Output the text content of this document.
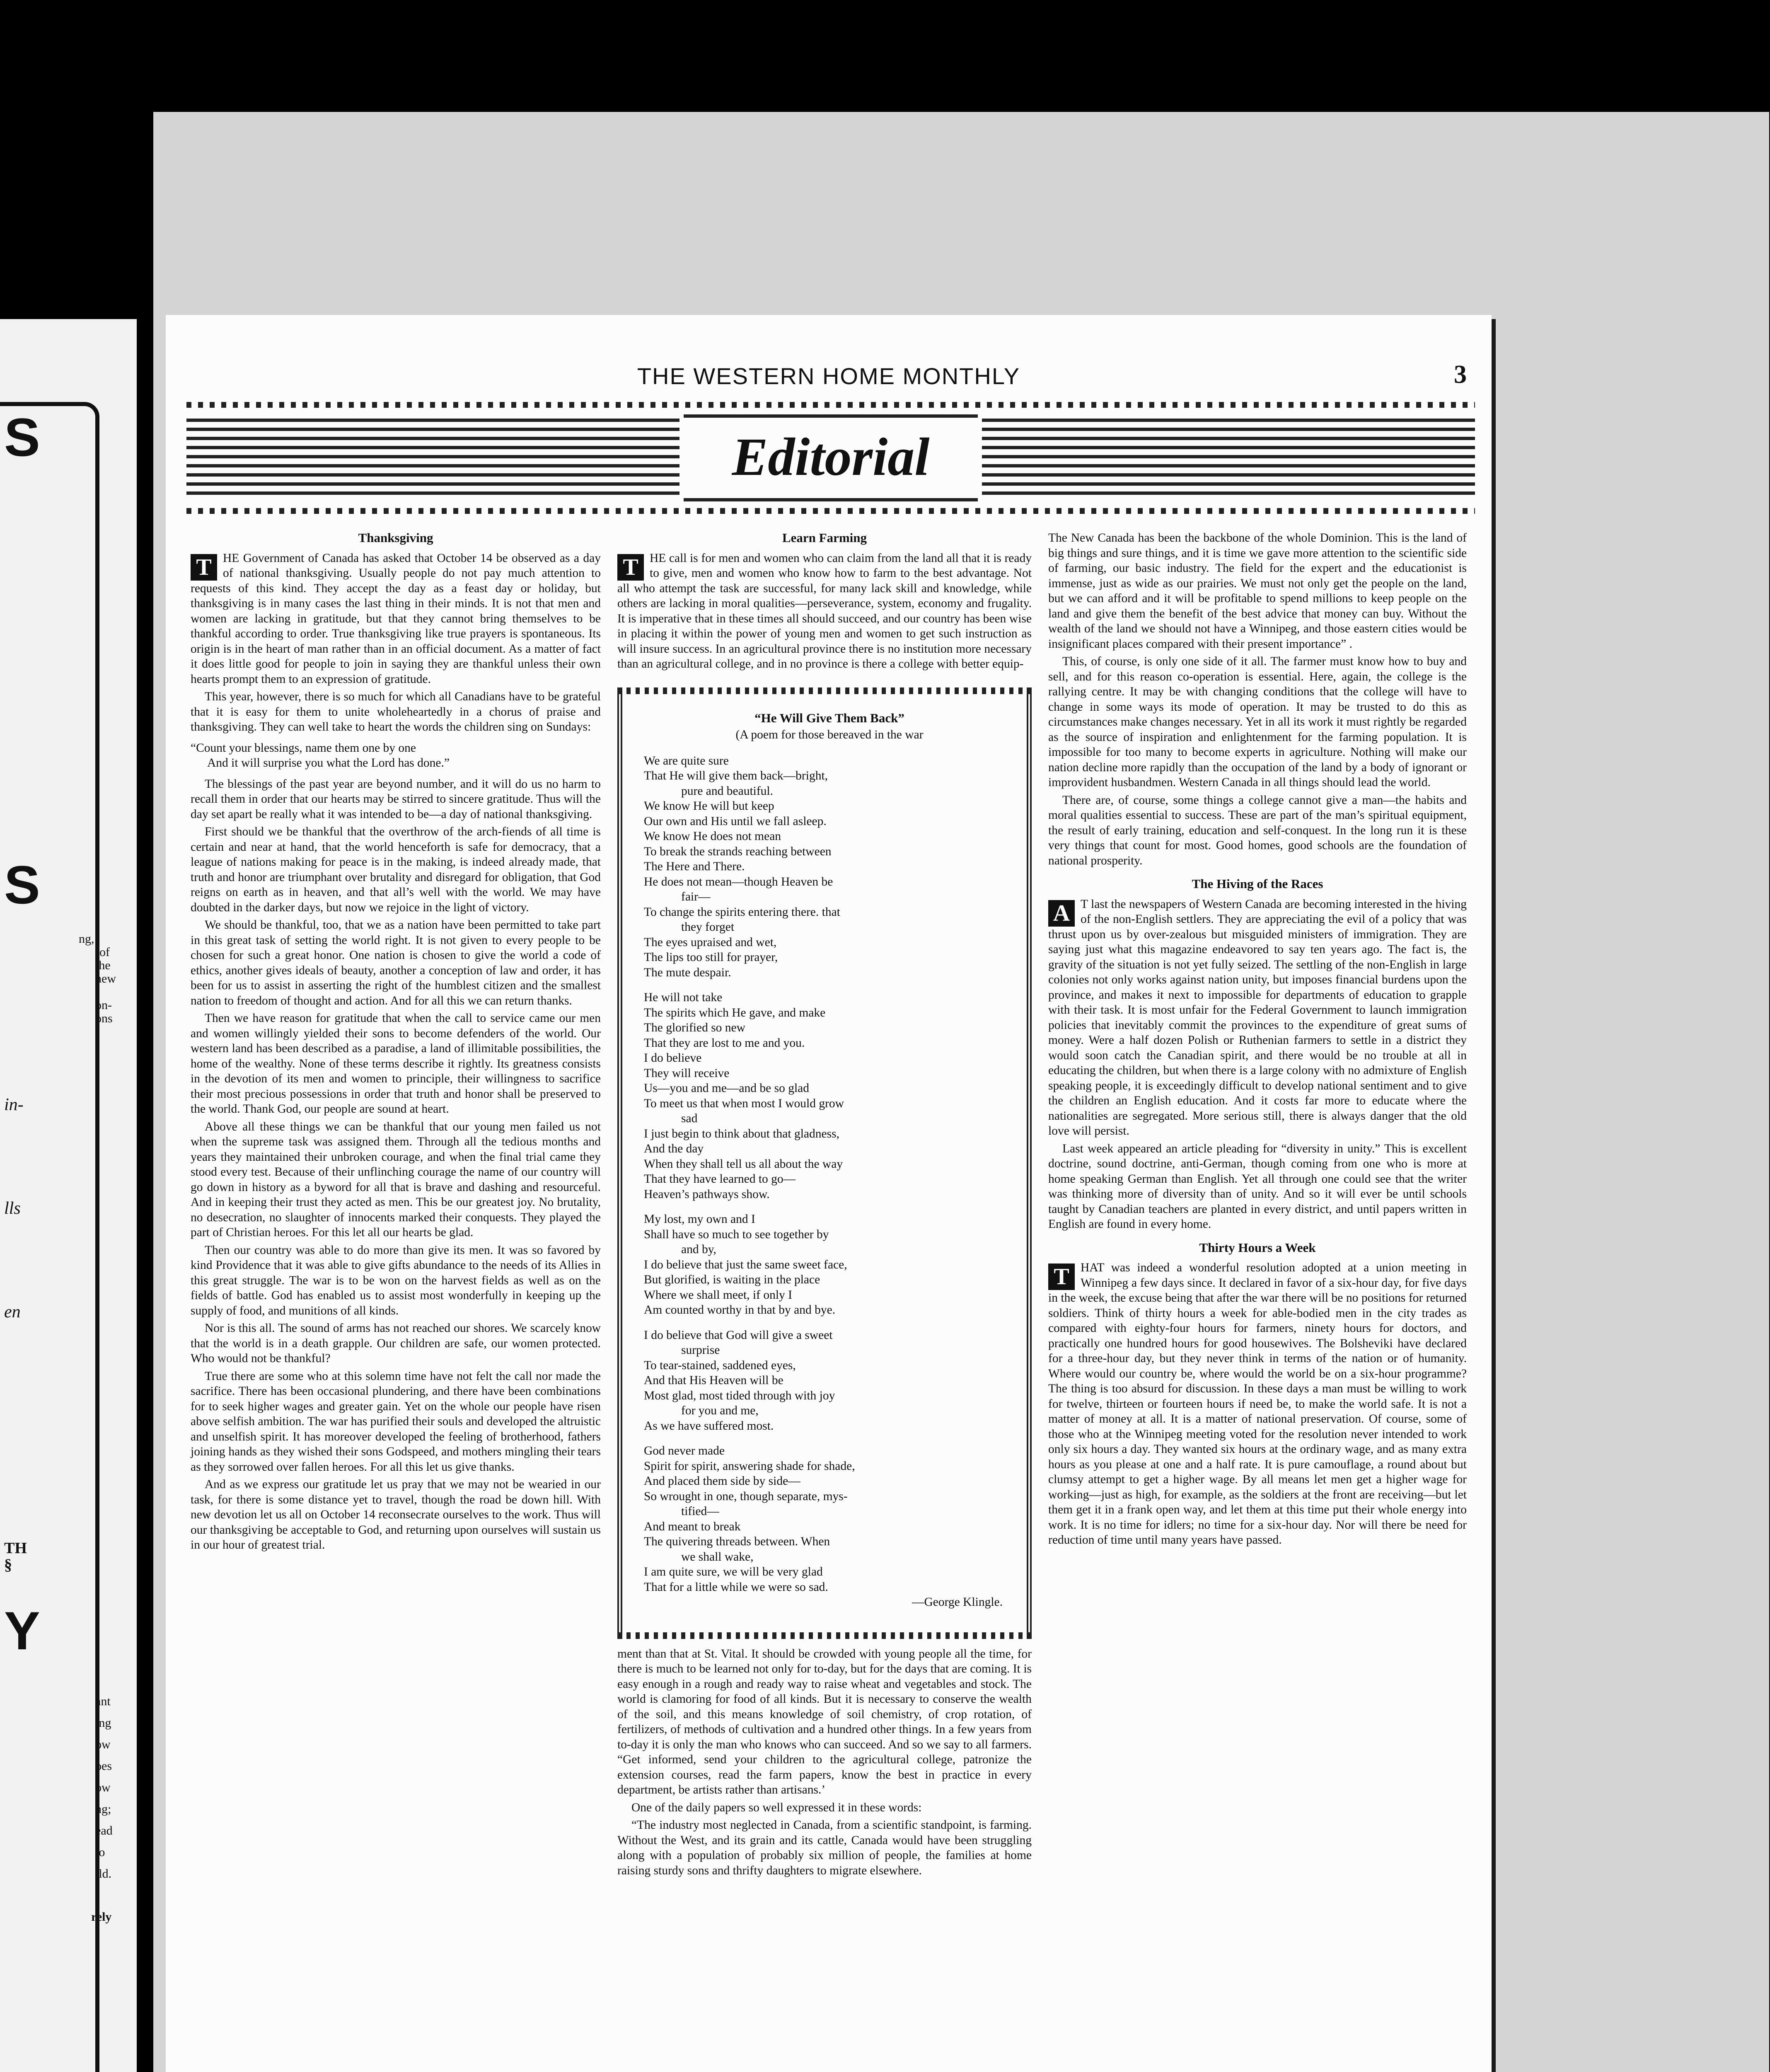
S
S
ng,
of
the
new
on-
ons
in-
lls
en
TH
§
Y
ant
ing
ow
oes
ow
ng;
ead
to
ild.
rely
THE WESTERN HOME MONTHLY	3
Editorial
Thanksgiving

T HE Government of Canada has asked that October 14 be observed as a day of national thanksgiving. Usually people do not pay much attention to requests of this kind. They accept the day as a feast day or holiday, but thanksgiving is in many cases the last thing in their minds. It is not that men and women are lacking in gratitude, but that they cannot bring themselves to be thankful according to order. True thanksgiving like true prayers is spontaneous. Its origin is in the heart of man rather than in an official document. As a matter of fact it does little good for people to join in saying they are thankful unless their own hearts prompt them to an expression of gratitude.

This year, however, there is so much for which all Canadians have to be grateful that it is easy for them to unite wholeheartedly in a chorus of praise and thanksgiving. They can well take to heart the words the children sing on Sundays:

“Count your blessings, name them one by one
And it will surprise you what the Lord has done.”

The blessings of the past year are beyond number, and it will do us no harm to recall them in order that our hearts may be stirred to sincere gratitude. Thus will the day set apart be really what it was intended to be—a day of national thanksgiving.

First should we be thankful that the overthrow of the arch-fiends of all time is certain and near at hand, that the world henceforth is safe for democracy, that a league of nations making for peace is in the making, is indeed already made, that truth and honor are triumphant over brutality and disregard for obligation, that God reigns on earth as in heaven, and that all’s well with the world. We may have doubted in the darker days, but now we rejoice in the light of victory.

We should be thankful, too, that we as a nation have been permitted to take part in this great task of setting the world right. It is not given to every people to be chosen for such a great honor. One nation is chosen to give the world a code of ethics, another gives ideals of beauty, another a conception of law and order, it has been for us to assist in asserting the right of the humblest citizen and the smallest nation to freedom of thought and action. And for all this we can return thanks.

Then we have reason for gratitude that when the call to service came our men and women willingly yielded their sons to become defenders of the world. Our western land has been described as a paradise, a land of illimitable possibilities, the home of the wealthy. None of these terms describe it rightly. Its greatness consists in the devotion of its men and women to principle, their willingness to sacrifice their most precious possessions in order that truth and honor shall be preserved to the world. Thank God, our people are sound at heart.

Above all these things we can be thankful that our young men failed us not when the supreme task was assigned them. Through all the tedious months and years they maintained their unbroken courage, and when the final trial came they stood every test. Because of their unflinching courage the name of our country will go down in history as a byword for all that is brave and dashing and resourceful. And in keeping their trust they acted as men. This be our greatest joy. No brutality, no desecration, no slaughter of innocents marked their conquests. They played the part of Christian heroes. For this let all our hearts be glad.

Then our country was able to do more than give its men. It was so favored by kind Providence that it was able to give gifts abundance to the needs of its Allies in this great struggle. The war is to be won on the harvest fields as well as on the fields of battle. God has enabled us to assist most wonderfully in keeping up the supply of food, and munitions of all kinds.

Nor is this all. The sound of arms has not reached our shores. We scarcely know that the world is in a death grapple. Our children are safe, our women protected. Who would not be thankful?

True there are some who at this solemn time have not felt the call nor made the sacrifice. There has been occasional plundering, and there have been combinations for to seek higher wages and greater gain. Yet on the whole our people have risen above selfish ambition. The war has purified their souls and developed the altruistic and unselfish spirit. It has moreover developed the feeling of brotherhood, fathers joining hands as they wished their sons Godspeed, and mothers mingling their tears as they sorrowed over fallen heroes. For all this let us give thanks.

And as we express our gratitude let us pray that we may not be wearied in our task, for there is some distance yet to travel, though the road be down hill. With new devotion let us all on October 14 reconsecrate ourselves to the work. Thus will our thanksgiving be acceptable to God, and returning upon ourselves will sustain us in our hour of greatest trial.

Learn Farming

T HE call is for men and women who can claim from the land all that it is ready to give, men and women who know how to farm to the best advantage. Not all who attempt the task are successful, for many lack skill and knowledge, while others are lacking in moral qualities—perseverance, system, economy and frugality. It is imperative that in these times all should succeed, and our country has been wise in placing it within the power of young men and women to get such instruction as will insure success. In an agricultural province there is no institution more necessary than an agricultural college, and in no province is there a college with better equip-

“He Will Give Them Back”
(A poem for those bereaved in the war
We are quite sure
That He will give them back—bright,
pure and beautiful.
We know He will but keep
Our own and His until we fall asleep.
We know He does not mean
To break the strands reaching between
The Here and There.
He does not mean—though Heaven be
fair—
To change the spirits entering there. that
they forget
The eyes upraised and wet,
The lips too still for prayer,
The mute despair.
He will not take
The spirits which He gave, and make
The glorified so new
That they are lost to me and you.
I do believe
They will receive
Us—you and me—and be so glad
To meet us that when most I would grow
sad
I just begin to think about that gladness,
And the day
When they shall tell us all about the way
That they have learned to go—
Heaven’s pathways show.
My lost, my own and I
Shall have so much to see together by
and by,
I do believe that just the same sweet face,
But glorified, is waiting in the place
Where we shall meet, if only I
Am counted worthy in that by and bye.
I do believe that God will give a sweet
surprise
To tear-stained, saddened eyes,
And that His Heaven will be
Most glad, most tided through with joy
for you and me,
As we have suffered most.
God never made
Spirit for spirit, answering shade for shade,
And placed them side by side—
So wrought in one, though separate, mys-
tified—
And meant to break
The quivering threads between. When
we shall wake,
I am quite sure, we will be very glad
That for a little while we were so sad.
—George Klingle.

ment than that at St. Vital. It should be crowded with young people all the time, for there is much to be learned not only for to-day, but for the days that are coming. It is easy enough in a rough and ready way to raise wheat and vegetables and stock. The world is clamoring for food of all kinds. But it is necessary to conserve the wealth of the soil, and this means knowledge of soil chemistry, of crop rotation, of fertilizers, of methods of cultivation and a hundred other things. In a few years from to-day it is only the man who knows who can succeed. And so we say to all farmers. “Get informed, send your children to the agricultural college, patronize the extension courses, read the farm papers, know the best in practice in every department, be artists rather than artisans.’

One of the daily papers so well expressed it in these words:

“The industry most neglected in Canada, from a scientific standpoint, is farming. Without the West, and its grain and its cattle, Canada would have been struggling along with a population of probably six million of people, the families at home raising sturdy sons and thrifty daughters to migrate elsewhere.

The New Canada has been the backbone of the whole Dominion. This is the land of big things and sure things, and it is time we gave more attention to the scientific side of farming, our basic industry. The field for the expert and the educationist is immense, just as wide as our prairies. We must not only get the people on the land, but we can afford and it will be profitable to spend millions to keep people on the land and give them the benefit of the best advice that money can buy. Without the wealth of the land we should not have a Winnipeg, and those eastern cities would be insignificant places compared with their present importance” .

This, of course, is only one side of it all. The farmer must know how to buy and sell, and for this reason co-operation is essential. Here, again, the college is the rallying centre. It may be with changing conditions that the college will have to change in some ways its mode of operation. It may be trusted to do this as circumstances make changes necessary. Yet in all its work it must rightly be regarded as the source of inspiration and enlightenment for the farming population. It is impossible for too many to become experts in agriculture. Nothing will make our nation decline more rapidly than the occupation of the land by a body of ignorant or improvident husbandmen. Western Canada in all things should lead the world.

There are, of course, some things a college cannot give a man—the habits and moral qualities essential to success. These are part of the man’s spiritual equipment, the result of early training, education and self-conquest. In the long run it is these very things that count for most. Good homes, good schools are the foundation of national prosperity.

The Hiving of the Races

A T last the newspapers of Western Canada are becoming interested in the hiving of the non-English settlers. They are appreciating the evil of a policy that was thrust upon us by over-zealous but misguided ministers of immigration. They are saying just what this magazine endeavored to say ten years ago. The fact is, the gravity of the situation is not yet fully seized. The settling of the non-English in large colonies not only works against nation unity, but imposes financial burdens upon the province, and makes it next to impossible for departments of education to grapple with their task. It is most unfair for the Federal Government to launch immigration policies that inevitably commit the provinces to the expenditure of great sums of money. Were a half dozen Polish or Ruthenian farmers to settle in a district they would soon catch the Canadian spirit, and there would be no trouble at all in educating the children, but when there is a large colony with no admixture of English speaking people, it is exceedingly difficult to develop national sentiment and to give the children an English education. And it costs far more to educate where the nationalities are segregated. More serious still, there is always danger that the old love will persist.

Last week appeared an article pleading for “diversity in unity.” This is excellent doctrine, sound doctrine, anti-German, though coming from one who is more at home speaking German than English. Yet all through one could see that the writer was thinking more of diversity than of unity. And so it will ever be until schools taught by Canadian teachers are planted in every district, and until papers written in English are found in every home.

Thirty Hours a Week

T HAT was indeed a wonderful resolution adopted at a union meeting in Winnipeg a few days since. It declared in favor of a six-hour day, for five days in the week, the excuse being that after the war there will be no positions for returned soldiers. Think of thirty hours a week for able-bodied men in the city trades as compared with eighty-four hours for farmers, ninety hours for doctors, and practically one hundred hours for good housewives. The Bolsheviki have declared for a three-hour day, but they never think in terms of the nation or of humanity. Where would our country be, where would the world be on a six-hour programme? The thing is too absurd for discussion. In these days a man must be willing to work for twelve, thirteen or fourteen hours if need be, to make the world safe. It is not a matter of money at all. It is a matter of national preservation. Of course, some of those who at the Winnipeg meeting voted for the resolution never intended to work only six hours a day. They wanted six hours at the ordinary wage, and as many extra hours as you please at one and a half rate. It is pure camouflage, a round about but clumsy attempt to get a higher wage. By all means let men get a higher wage for working—just as high, for example, as the soldiers at the front are receiving—but let them get it in a frank open way, and let them at this time put their whole energy into work. It is no time for idlers; no time for a six-hour day. Nor will there be need for reduction of time until many years have passed.
